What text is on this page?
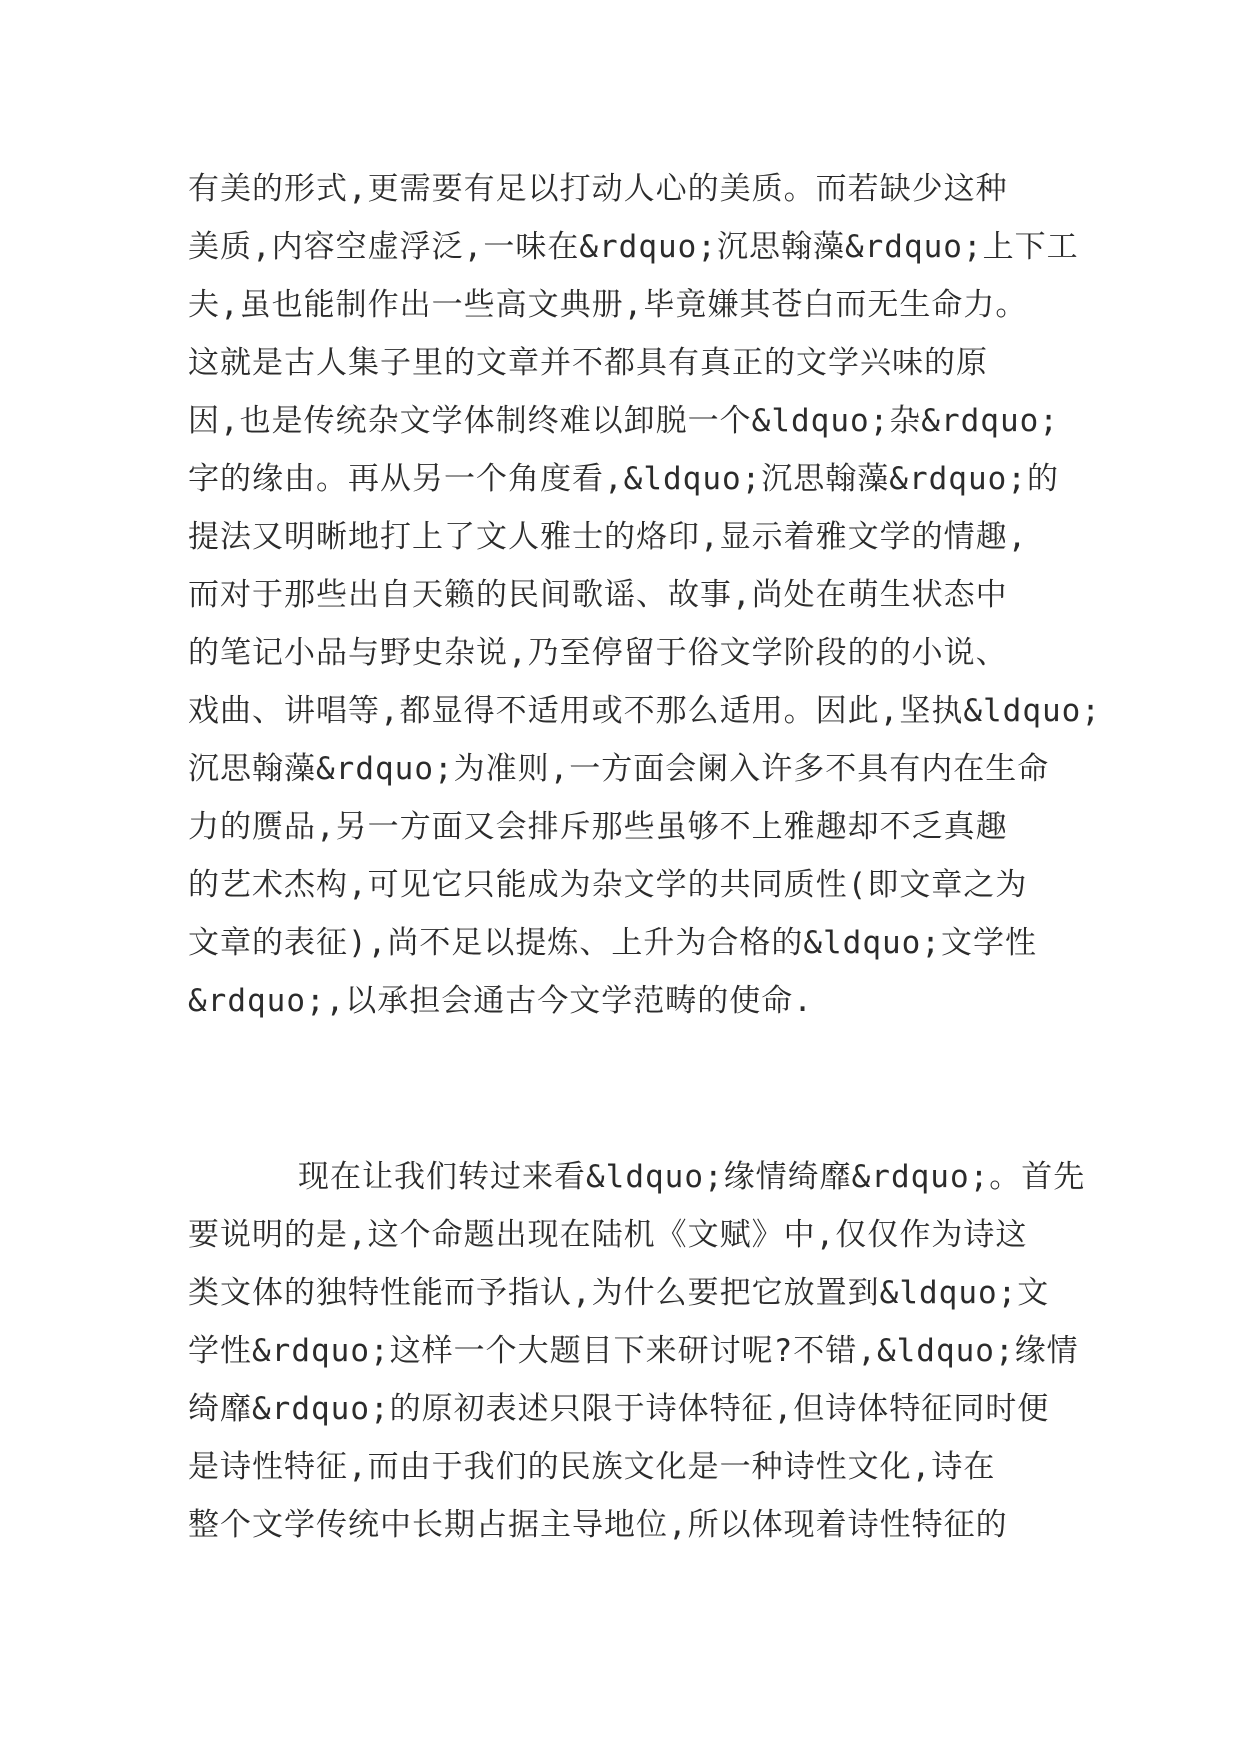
有美的形式,更需要有足以打动人心的美质。而若缺少这种
美质,内容空虚浮泛,一味在&rdquo;沉思翰藻&rdquo;上下工
夫,虽也能制作出一些高文典册,毕竟嫌其苍白而无生命力。
这就是古人集子里的文章并不都具有真正的文学兴味的原
因,也是传统杂文学体制终难以卸脱一个&ldquo;杂&rdquo;
字的缘由。再从另一个角度看,&ldquo;沉思翰藻&rdquo;的
提法又明晰地打上了文人雅士的烙印,显示着雅文学的情趣,
而对于那些出自天籁的民间歌谣、故事,尚处在萌生状态中
的笔记小品与野史杂说,乃至停留于俗文学阶段的的小说、
戏曲、讲唱等,都显得不适用或不那么适用。因此,坚执&ldquo;
沉思翰藻&rdquo;为准则,一方面会阑入许多不具有内在生命
力的赝品,另一方面又会排斥那些虽够不上雅趣却不乏真趣
的艺术杰构,可见它只能成为杂文学的共同质性(即文章之为
文章的表征),尚不足以提炼、上升为合格的&ldquo;文学性
&rdquo;,以承担会通古今文学范畴的使命.
现在让我们转过来看&ldquo;缘情绮靡&rdquo;。首先
要说明的是,这个命题出现在陆机《文赋》中,仅仅作为诗这
类文体的独特性能而予指认,为什么要把它放置到&ldquo;文
学性&rdquo;这样一个大题目下来研讨呢?不错,&ldquo;缘情
绮靡&rdquo;的原初表述只限于诗体特征,但诗体特征同时便
是诗性特征,而由于我们的民族文化是一种诗性文化,诗在
整个文学传统中长期占据主导地位,所以体现着诗性特征的
